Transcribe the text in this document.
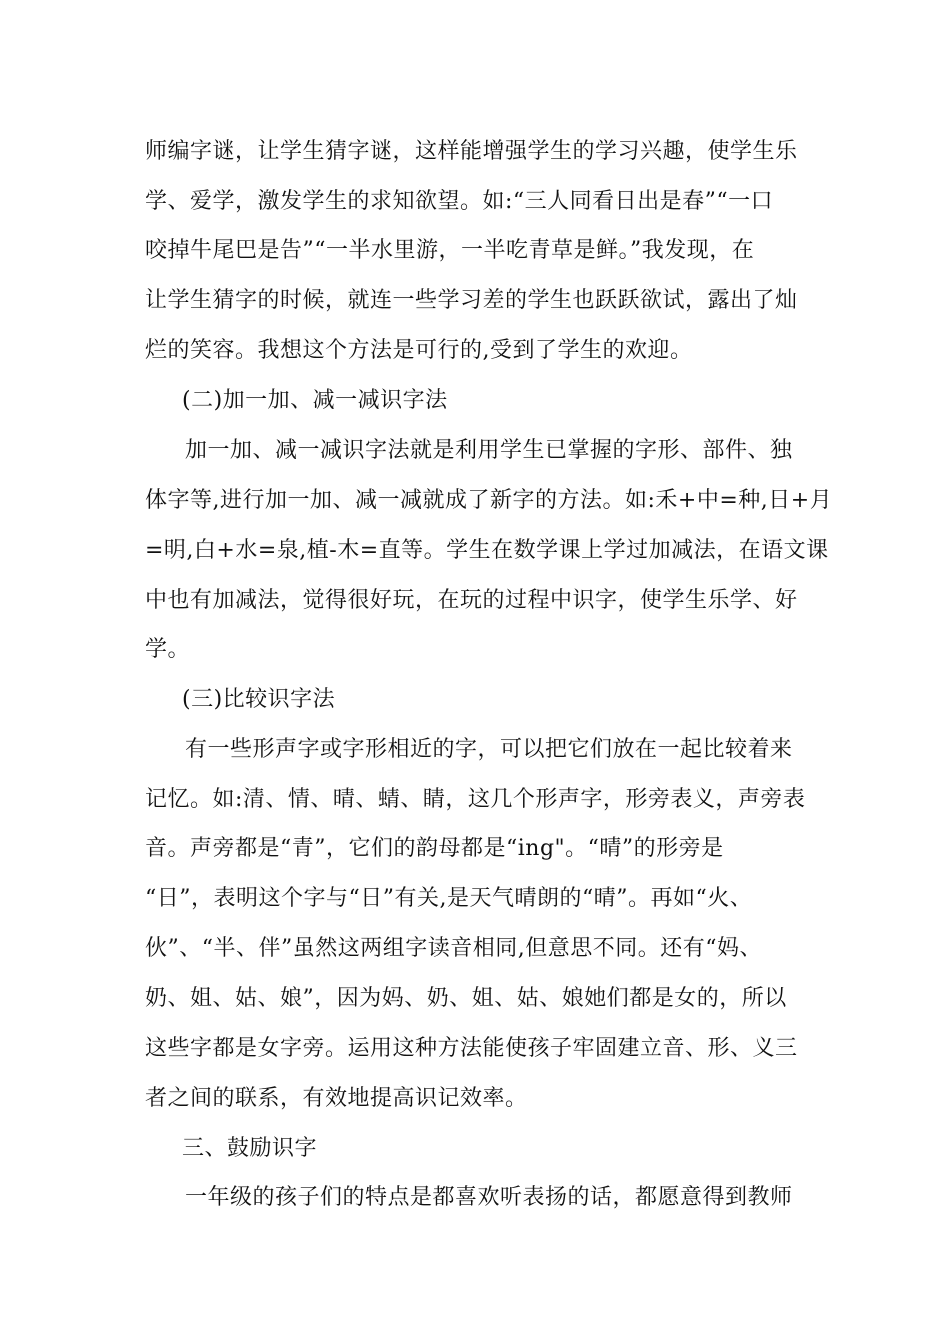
师编字谜，让学生猜字谜，这样能增强学生的学习兴趣，使学生乐
学、爱学，激发学生的求知欲望。如:“三人同看日出是春”“一口
咬掉牛尾巴是告”“一半水里游，一半吃青草是鲜。”我发现，在
让学生猜字的时候，就连一些学习差的学生也跃跃欲试，露出了灿
烂的笑容。我想这个方法是可行的,受到了学生的欢迎。
(二)加一加、减一减识字法
加一加、减一减识字法就是利用学生已掌握的字形、部件、独
体字等,进行加一加、减一减就成了新字的方法。如:禾+中=种,日+月
=明,白+水=泉,植-木=直等。学生在数学课上学过加减法，在语文课
中也有加减法，觉得很好玩，在玩的过程中识字，使学生乐学、好
学。
(三)比较识字法
有一些形声字或字形相近的字，可以把它们放在一起比较着来
记忆。如:清、情、晴、蜻、睛，这几个形声字，形旁表义，声旁表
音。声旁都是“青”，它们的韵母都是“ing"。“晴”的形旁是
“日”，表明这个字与“日”有关,是天气晴朗的“晴”。再如“火、
伙”、“半、伴”虽然这两组字读音相同,但意思不同。还有“妈、
奶、姐、姑、娘”，因为妈、奶、姐、姑、娘她们都是女的，所以
这些字都是女字旁。运用这种方法能使孩子牢固建立音、形、义三
者之间的联系，有效地提高识记效率。
三、鼓励识字
一年级的孩子们的特点是都喜欢听表扬的话，都愿意得到教师
